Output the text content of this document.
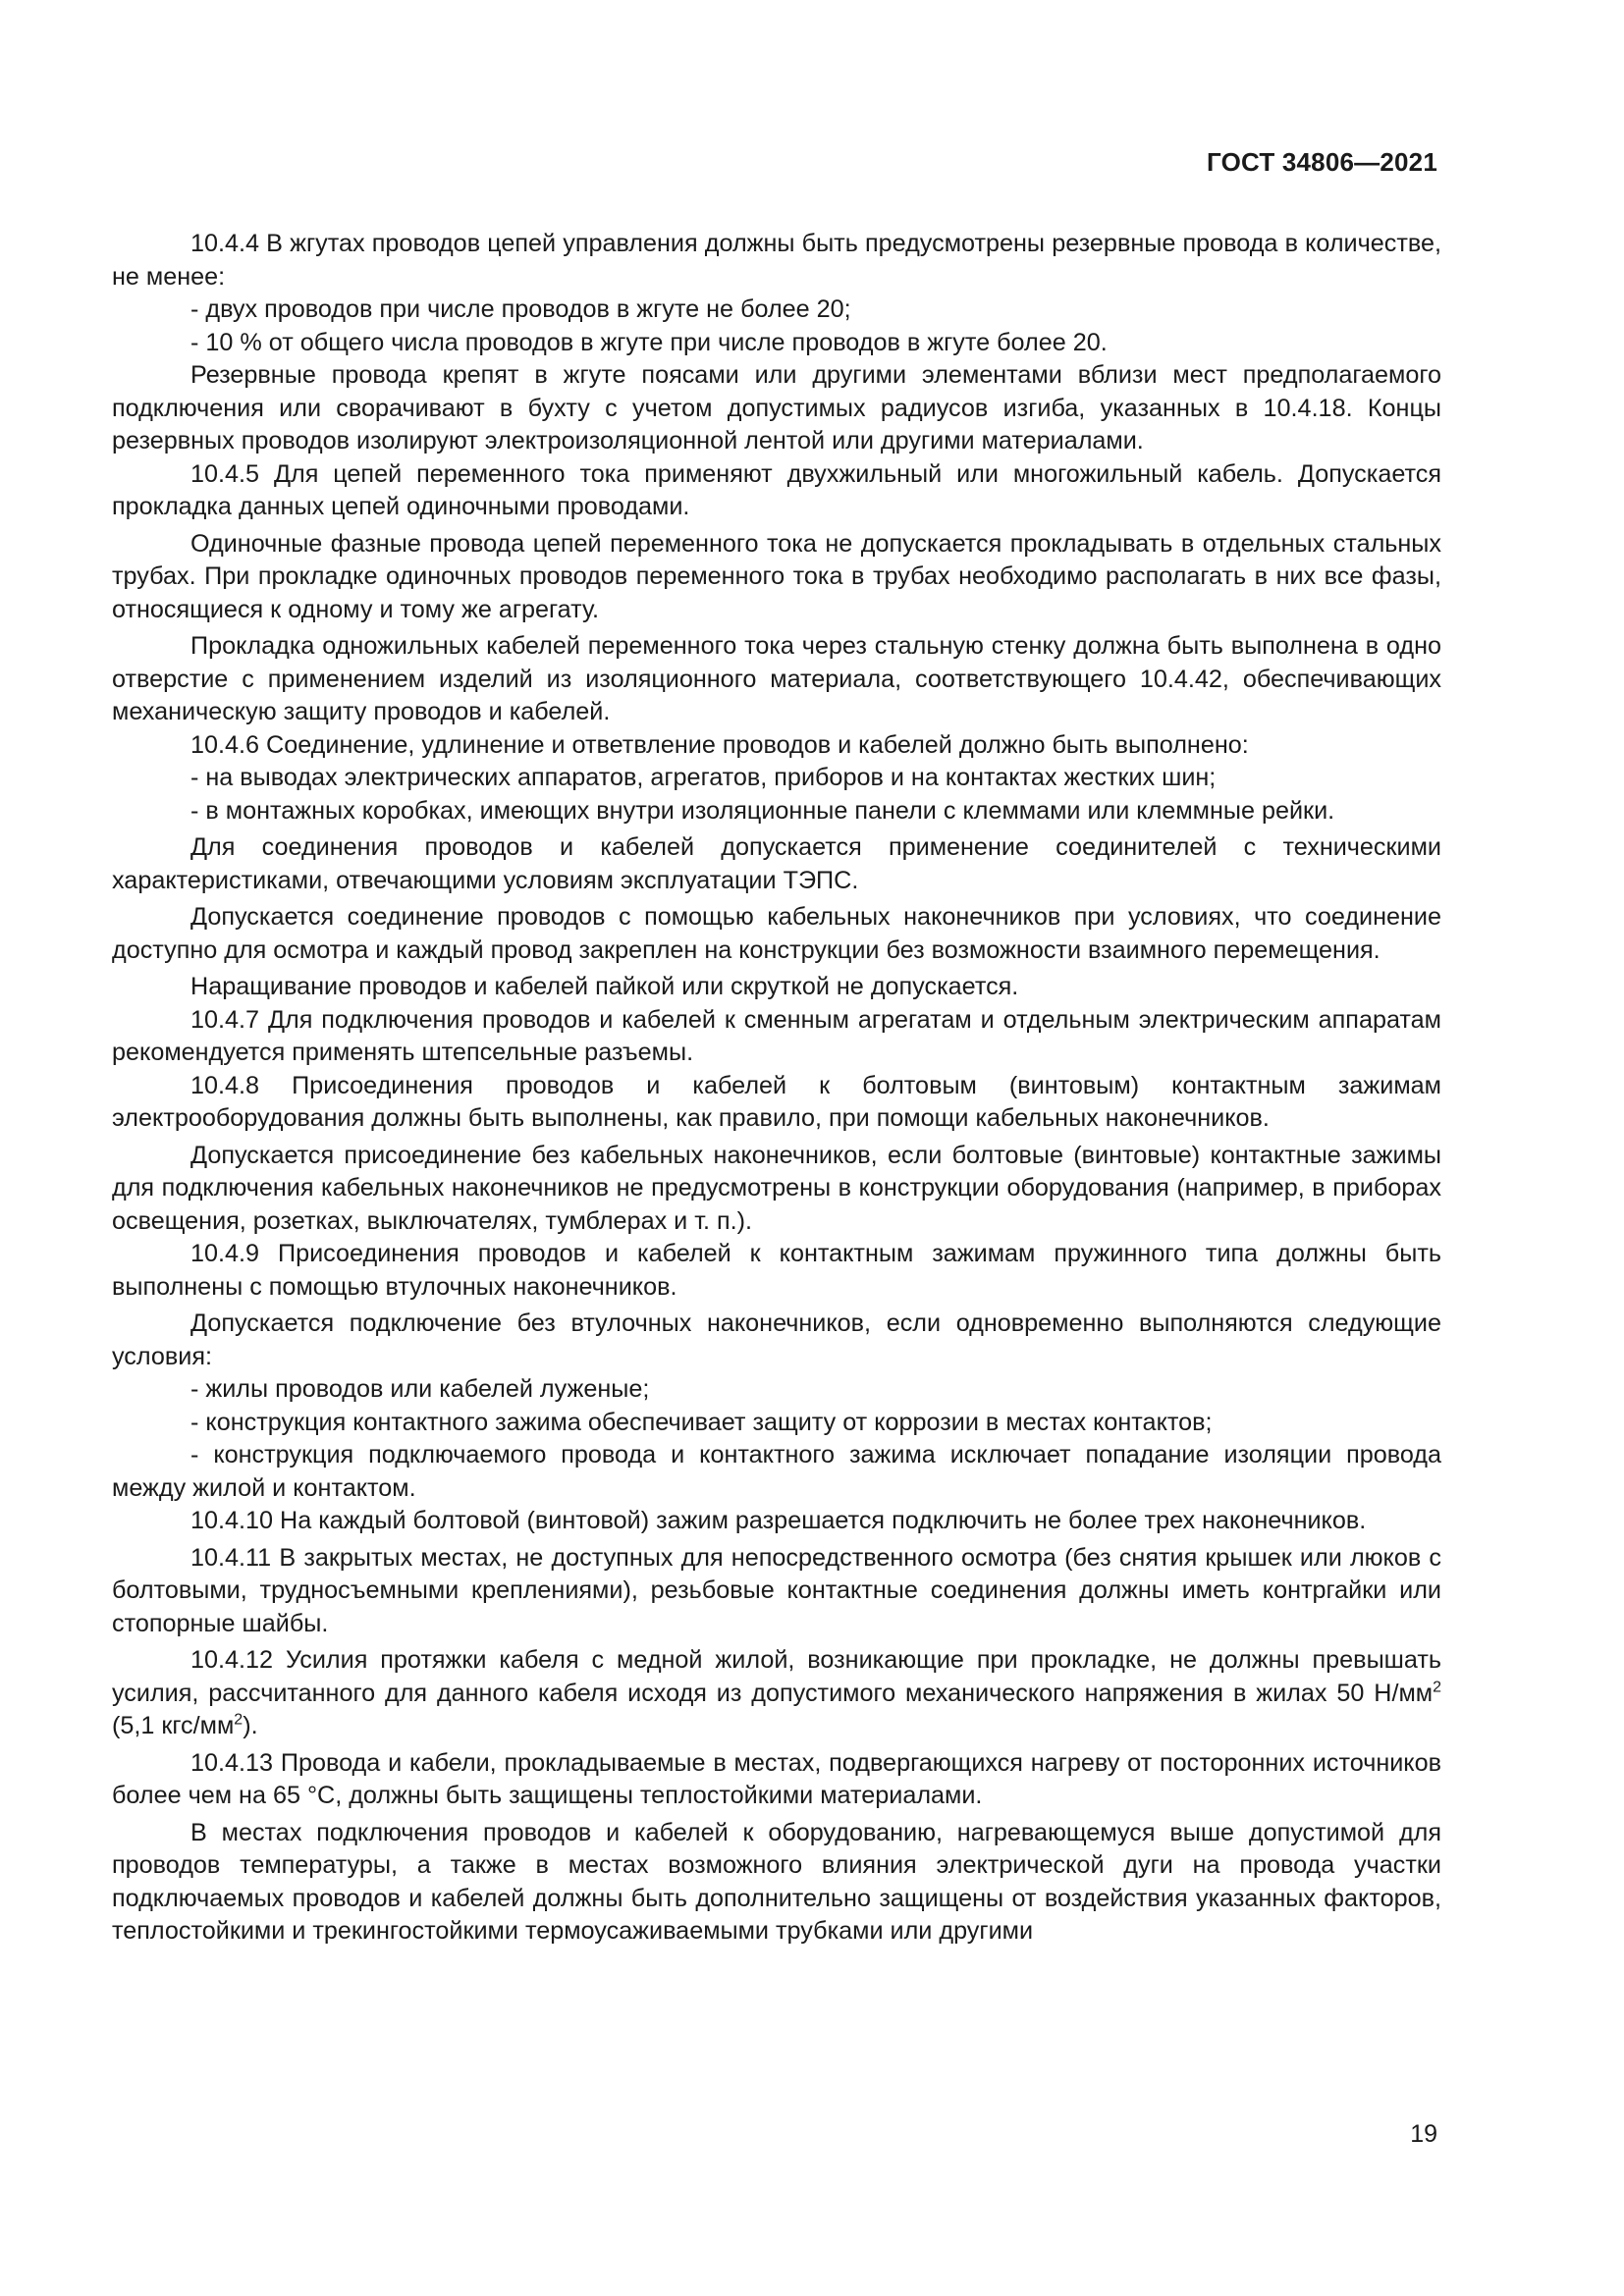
ГОСТ 34806—2021

10.4.4 В жгутах проводов цепей управления должны быть предусмотрены резервные провода в количестве, не менее:

- двух проводов при числе проводов в жгуте не более 20;

- 10 % от общего числа проводов в жгуте при числе проводов в жгуте более 20.

Резервные провода крепят в жгуте поясами или другими элементами вблизи мест предполагаемого подключения или сворачивают в бухту с учетом допустимых радиусов изгиба, указанных в 10.4.18. Концы резервных проводов изолируют электроизоляционной лентой или другими материалами.

10.4.5 Для цепей переменного тока применяют двухжильный или многожильный кабель. Допускается прокладка данных цепей одиночными проводами.

Одиночные фазные провода цепей переменного тока не допускается прокладывать в отдельных стальных трубах. При прокладке одиночных проводов переменного тока в трубах необходимо располагать в них все фазы, относящиеся к одному и тому же агрегату.

Прокладка одножильных кабелей переменного тока через стальную стенку должна быть выполнена в одно отверстие с применением изделий из изоляционного материала, соответствующего 10.4.42, обеспечивающих механическую защиту проводов и кабелей.

10.4.6 Соединение, удлинение и ответвление проводов и кабелей должно быть выполнено:

- на выводах электрических аппаратов, агрегатов, приборов и на контактах жестких шин;

- в монтажных коробках, имеющих внутри изоляционные панели с клеммами или клеммные рейки.

Для соединения проводов и кабелей допускается применение соединителей с техническими характеристиками, отвечающими условиям эксплуатации ТЭПС.

Допускается соединение проводов с помощью кабельных наконечников при условиях, что соединение доступно для осмотра и каждый провод закреплен на конструкции без возможности взаимного перемещения.

Наращивание проводов и кабелей пайкой или скруткой не допускается.

10.4.7 Для подключения проводов и кабелей к сменным агрегатам и отдельным электрическим аппаратам рекомендуется применять штепсельные разъемы.

10.4.8 Присоединения проводов и кабелей к болтовым (винтовым) контактным зажимам электрооборудования должны быть выполнены, как правило, при помощи кабельных наконечников.

Допускается присоединение без кабельных наконечников, если болтовые (винтовые) контактные зажимы для подключения кабельных наконечников не предусмотрены в конструкции оборудования (например, в приборах освещения, розетках, выключателях, тумблерах и т. п.).

10.4.9 Присоединения проводов и кабелей к контактным зажимам пружинного типа должны быть выполнены с помощью втулочных наконечников.

Допускается подключение без втулочных наконечников, если одновременно выполняются следующие условия:

- жилы проводов или кабелей луженые;

- конструкция контактного зажима обеспечивает защиту от коррозии в местах контактов;

- конструкция подключаемого провода и контактного зажима исключает попадание изоляции провода между жилой и контактом.

10.4.10 На каждый болтовой (винтовой) зажим разрешается подключить не более трех наконечников.

10.4.11 В закрытых местах, не доступных для непосредственного осмотра (без снятия крышек или люков с болтовыми, трудносъемными креплениями), резьбовые контактные соединения должны иметь контргайки или стопорные шайбы.

10.4.12 Усилия протяжки кабеля с медной жилой, возникающие при прокладке, не должны превышать усилия, рассчитанного для данного кабеля исходя из допустимого механического напряжения в жилах 50 $Н/мм^2$ (5,1 кгс/$мм^2$).

10.4.13 Провода и кабели, прокладываемые в местах, подвергающихся нагреву от посторонних источников более чем на 65 °С, должны быть защищены теплостойкими материалами.

В местах подключения проводов и кабелей к оборудованию, нагревающемуся выше допустимой для проводов температуры, а также в местах возможного влияния электрической дуги на провода участки подключаемых проводов и кабелей должны быть дополнительно защищены от воздействия указанных факторов, теплостойкими и трекингостойкими термоусаживаемыми трубками или другими

19
